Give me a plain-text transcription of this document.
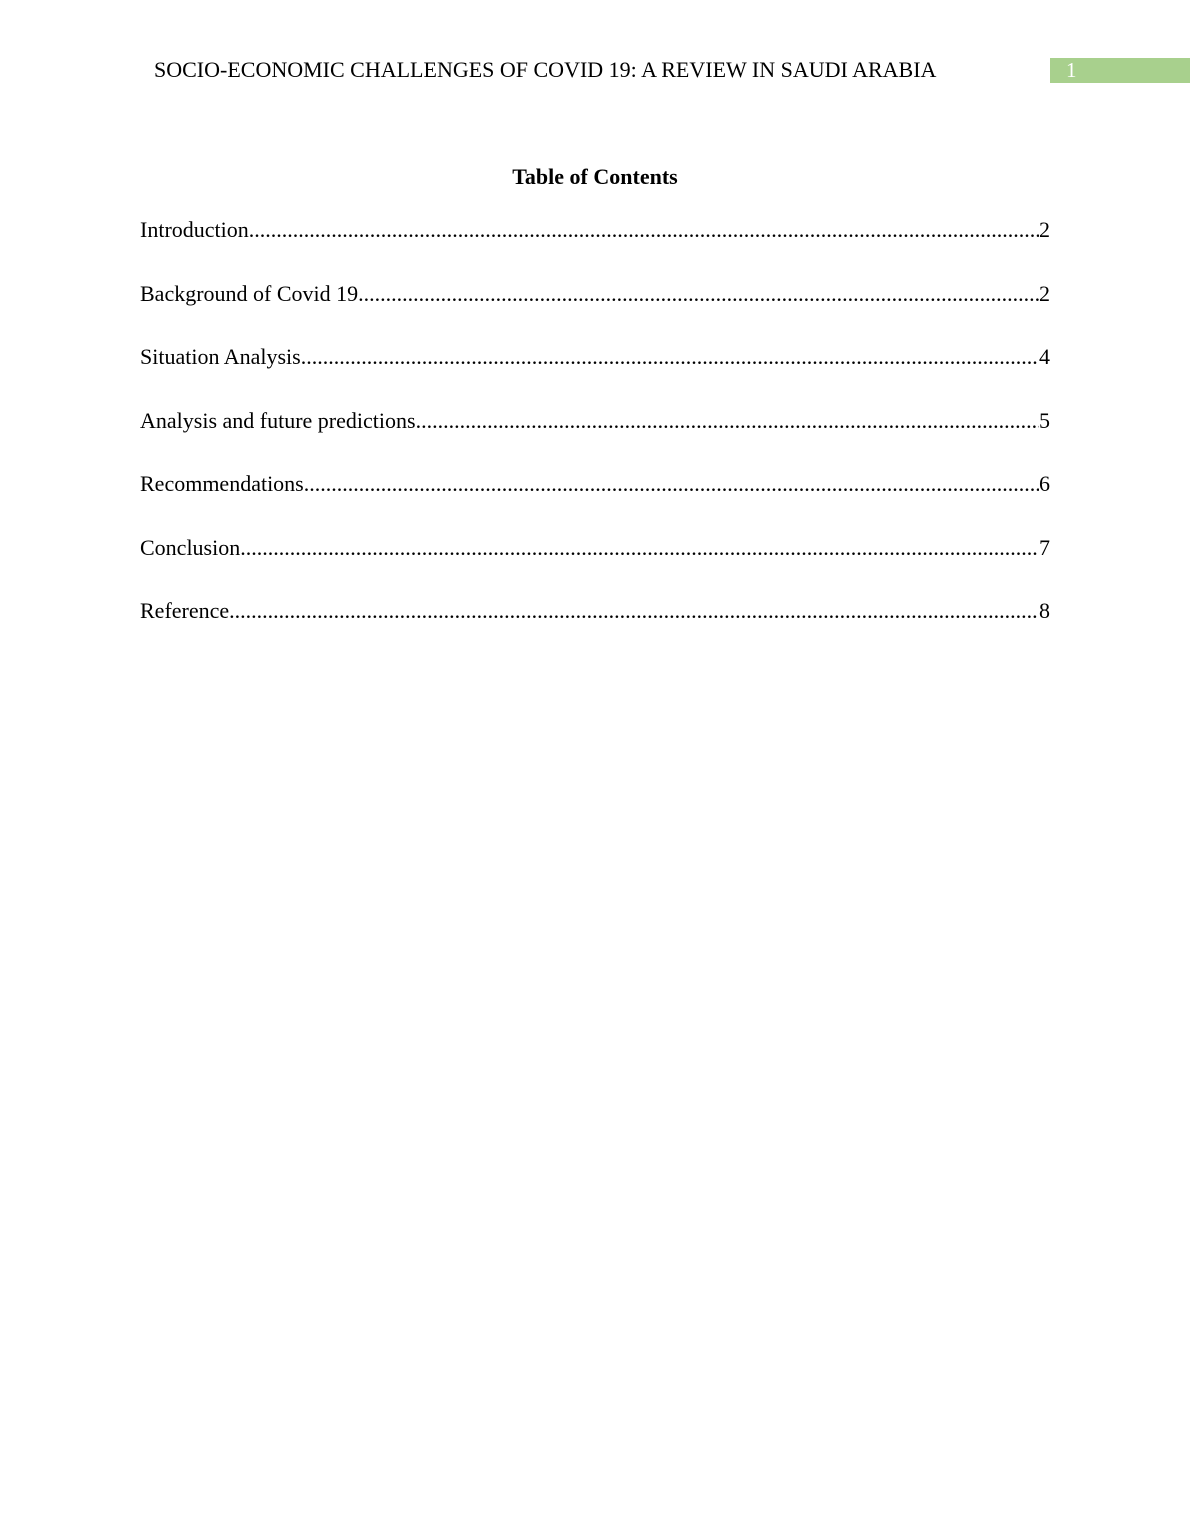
SOCIO-ECONOMIC CHALLENGES OF COVID 19: A REVIEW IN SAUDI ARABIA	1
Table of Contents
Introduction .....	2
Background of Covid 19 .....	2
Situation Analysis .....	4
Analysis and future predictions .....	5
Recommendations .....	6
Conclusion .....	7
Reference .....	8
